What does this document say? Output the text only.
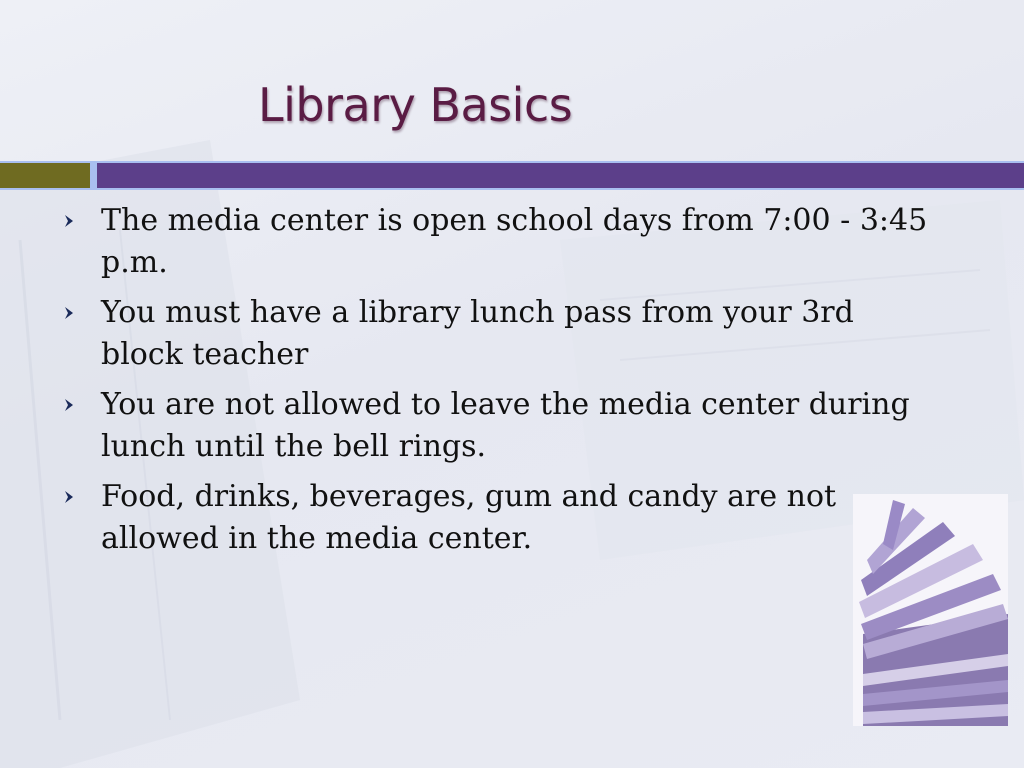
Library Basics
The media center is open school days from 7:00 - 3:45 p.m.
You must have a library lunch pass from your 3rd block teacher
You are not allowed to leave the media center during lunch until the bell rings.
Food, drinks, beverages, gum and candy are not allowed in the media center.
